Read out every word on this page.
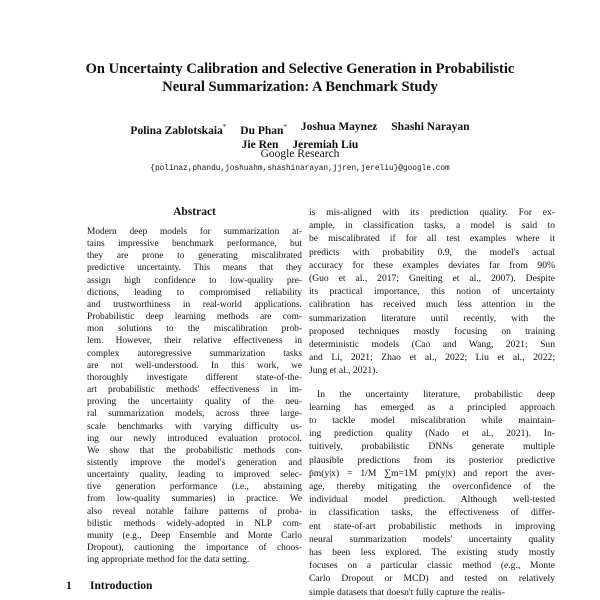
On Uncertainty Calibration and Selective Generation in Probabilistic
Neural Summarization: A Benchmark Study
Polina Zablotskaia* Du Phan* Joshua Maynez Shashi Narayan
Jie Ren Jeremiah Liu
Google Research
{polinaz,phandu,joshuahm,shashinarayan,jjren,jereliu}@google.com
Abstract
Modern deep models for summarization at-
tains impressive benchmark performance, but
they are prone to generating miscalibrated
predictive uncertainty. This means that they
assign high confidence to low-quality pre-
dictions, leading to compromised reliability
and trustworthiness in real-world applications.
Probabilistic deep learning methods are com-
mon solutions to the miscalibration prob-
lem. However, their relative effectiveness in
complex autoregressive summarization tasks
are not well-understood. In this work, we
thoroughly investigate different state-of-the-
art probabilistic methods' effectiveness in im-
proving the uncertainty quality of the neu-
ral summarization models, across three large-
scale benchmarks with varying difficulty us-
ing our newly introduced evaluation protocol.
We show that the probabilistic methods con-
sistently improve the model's generation and
uncertainty quality, leading to improved selec-
tive generation performance (i.e., abstaining
from low-quality summaries) in practice. We
also reveal notable failure patterns of proba-
bilistic methods widely-adopted in NLP com-
munity (e.g., Deep Ensemble and Monte Carlo
Dropout), cautioning the importance of choos-
ing appropriate method for the data setting.
1 Introduction
is mis-aligned with its prediction quality. For ex-
ample, in classification tasks, a model is said to
be miscalibrated if for all test examples where it
predicts with probability 0.9, the model's actual
accuracy for these examples deviates far from 90%
(Guo et al., 2017; Gneiting et al., 2007). Despite
its practical importance, this notion of uncertainty
calibration has received much less attention in the
summarization literature until recently, with the
proposed techniques mostly focusing on training
deterministic models (Cao and Wang, 2021; Sun
and Li, 2021; Zhao et al., 2022; Liu et al., 2022;
Jung et al., 2021).
In the uncertainty literature, probabilistic deep
learning has emerged as a principled approach
to tackle model miscalibration while maintain-
ing prediction quality (Nado et al., 2021). In-
tuitively, probabilistic DNNs generate multiple
plausible predictions from its posterior predictive
p̄m(y|x) = 1/M ∑m=1M pm(y|x) and report the aver-
age, thereby mitigating the overconfidence of the
individual model prediction. Although well-tested
in classification tasks, the effectiveness of differ-
ent state-of-art probabilistic methods in improving
neural summarization models' uncertainty quality
has been less explored. The existing study mostly
focuses on a particular classic method (e.g., Monte
Carlo Dropout or MCD) and tested on relatively
simple datasets that doesn't fully capture the realis-
